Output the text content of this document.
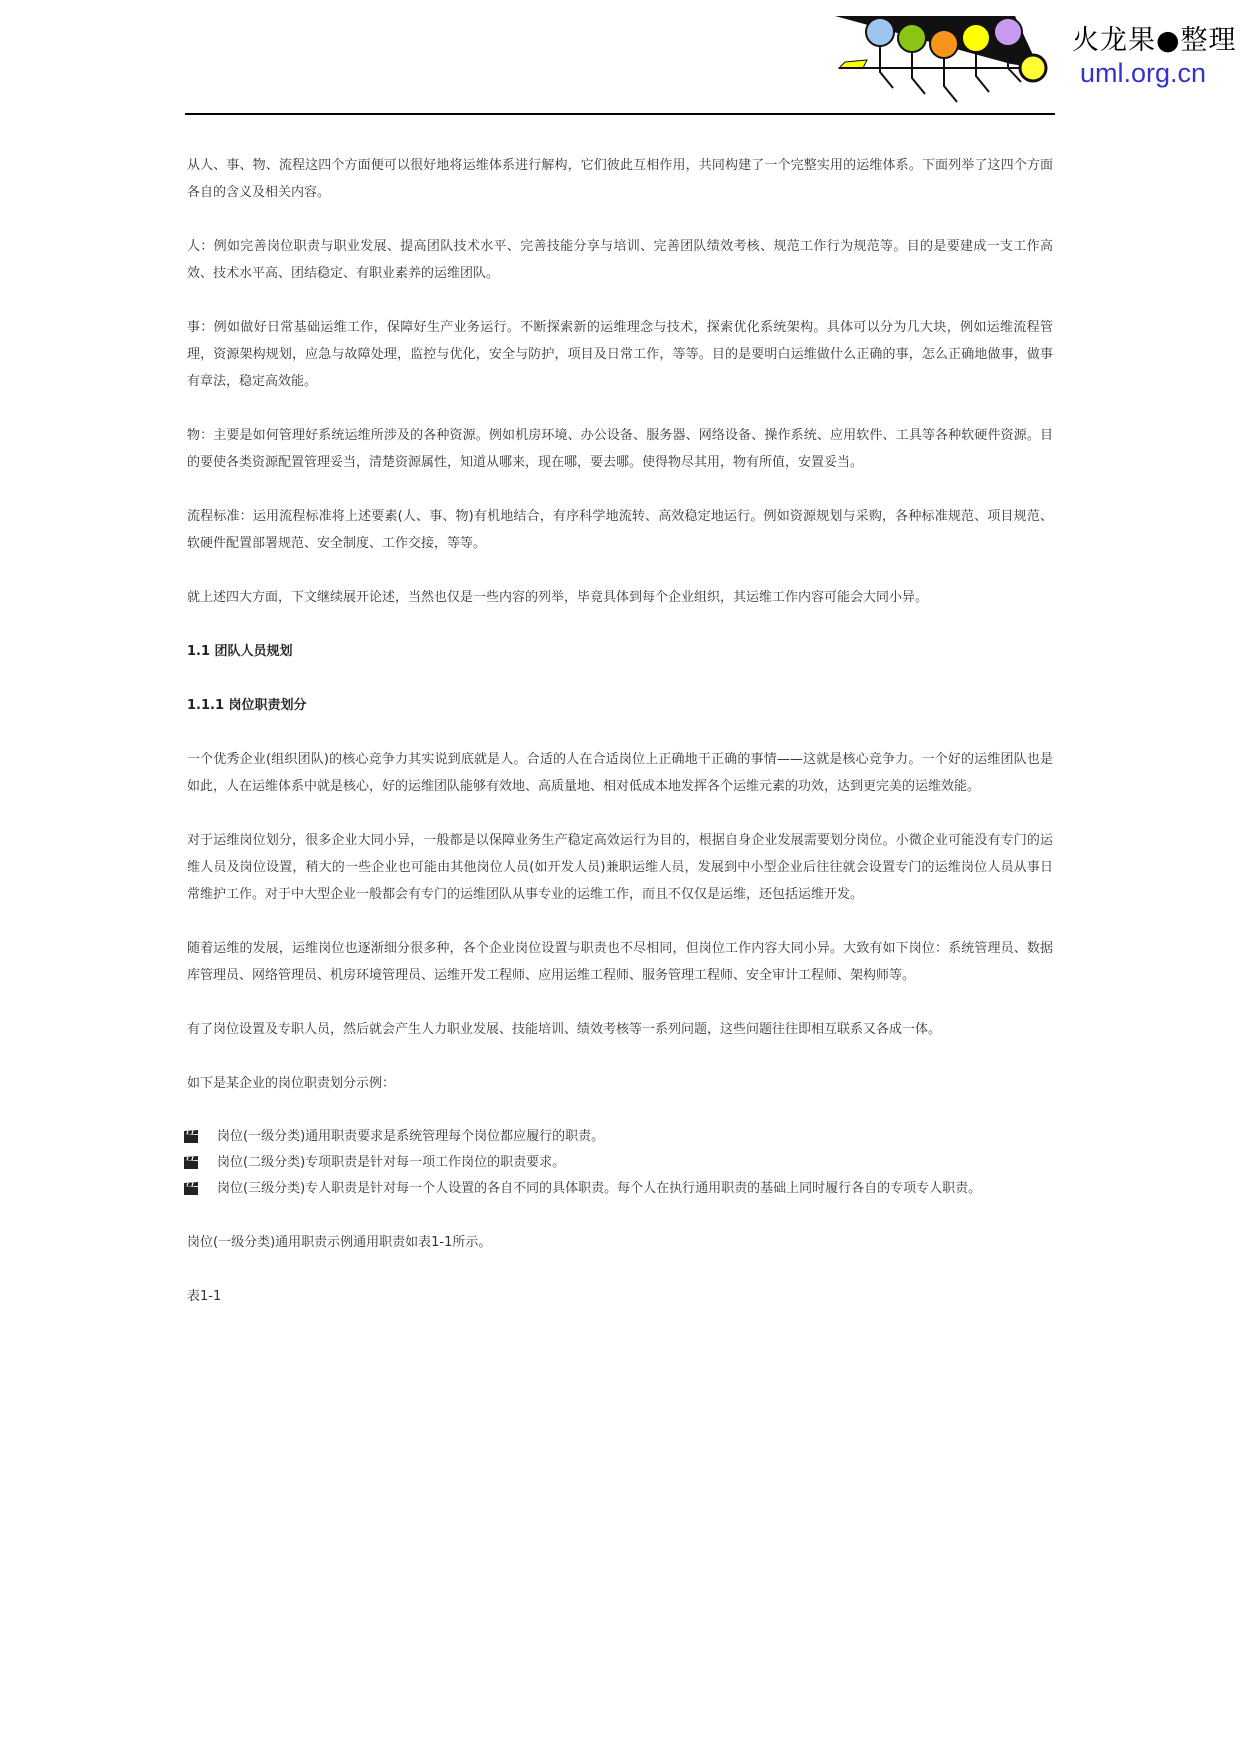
火龙果●整理
uml.org.cn

从人、事、物、流程这四个方面便可以很好地将运维体系进行解构，它们彼此互相作用，共同构建了一个完整实用的运维体系。下面列举了这四个方面各自的含义及相关内容。

人：例如完善岗位职责与职业发展、提高团队技术水平、完善技能分享与培训、完善团队绩效考核、规范工作行为规范等。目的是要建成一支工作高效、技术水平高、团结稳定、有职业素养的运维团队。

事：例如做好日常基础运维工作，保障好生产业务运行。不断探索新的运维理念与技术，探索优化系统架构。具体可以分为几大块，例如运维流程管理，资源架构规划，应急与故障处理，监控与优化，安全与防护，项目及日常工作，等等。目的是要明白运维做什么正确的事，怎么正确地做事，做事有章法，稳定高效能。

物：主要是如何管理好系统运维所涉及的各种资源。例如机房环境、办公设备、服务器、网络设备、操作系统、应用软件、工具等各种软硬件资源。目的要使各类资源配置管理妥当，清楚资源属性，知道从哪来，现在哪，要去哪。使得物尽其用，物有所值，安置妥当。

流程标准：运用流程标准将上述要素(人、事、物)有机地结合，有序科学地流转、高效稳定地运行。例如资源规划与采购，各种标准规范、项目规范、软硬件配置部署规范、安全制度、工作交接，等等。

就上述四大方面，下文继续展开论述，当然也仅是一些内容的列举，毕竟具体到每个企业组织，其运维工作内容可能会大同小异。

1.1 团队人员规划
1.1.1 岗位职责划分

一个优秀企业(组织团队)的核心竞争力其实说到底就是人。合适的人在合适岗位上正确地干正确的事情——这就是核心竞争力。一个好的运维团队也是如此，人在运维体系中就是核心，好的运维团队能够有效地、高质量地、相对低成本地发挥各个运维元素的功效，达到更完美的运维效能。

对于运维岗位划分，很多企业大同小异，一般都是以保障业务生产稳定高效运行为目的，根据自身企业发展需要划分岗位。小微企业可能没有专门的运维人员及岗位设置，稍大的一些企业也可能由其他岗位人员(如开发人员)兼职运维人员，发展到中小型企业后往往就会设置专门的运维岗位人员从事日常维护工作。对于中大型企业一般都会有专门的运维团队从事专业的运维工作，而且不仅仅是运维，还包括运维开发。

随着运维的发展，运维岗位也逐渐细分很多种，各个企业岗位设置与职责也不尽相同，但岗位工作内容大同小异。大致有如下岗位：系统管理员、数据库管理员、网络管理员、机房环境管理员、运维开发工程师、应用运维工程师、服务管理工程师、安全审计工程师、架构师等。

有了岗位设置及专职人员，然后就会产生人力职业发展、技能培训、绩效考核等一系列问题，这些问题往往即相互联系又各成一体。

如下是某企业的岗位职责划分示例：

岗位(一级分类)通用职责要求是系统管理每个岗位都应履行的职责。
岗位(二级分类)专项职责是针对每一项工作岗位的职责要求。
岗位(三级分类)专人职责是针对每一个人设置的各自不同的具体职责。每个人在执行通用职责的基础上同时履行各自的专项专人职责。

岗位(一级分类)通用职责示例通用职责如表1-1所示。

表1-1
